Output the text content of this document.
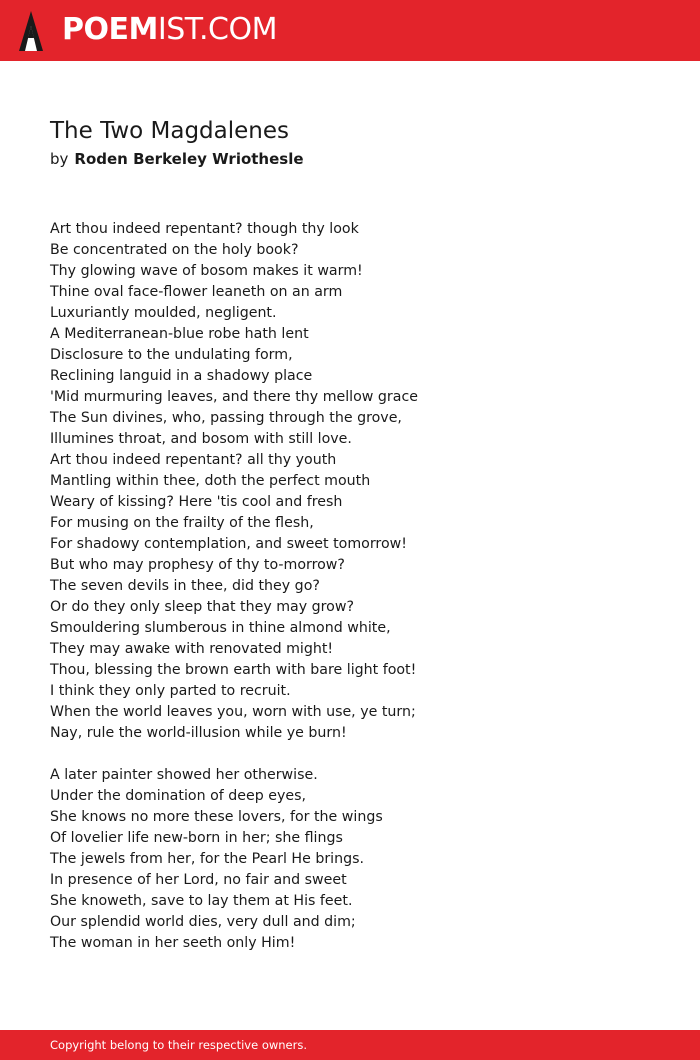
POEMIST.COM
The Two Magdalenes
by Roden Berkeley Wriothesle
Art thou indeed repentant? though thy look
Be concentrated on the holy book?
Thy glowing wave of bosom makes it warm!
Thine oval face-flower leaneth on an arm
Luxuriantly moulded, negligent.
A Mediterranean-blue robe hath lent
Disclosure to the undulating form,
Reclining languid in a shadowy place
'Mid murmuring leaves, and there thy mellow grace
The Sun divines, who, passing through the grove,
Illumines throat, and bosom with still love.
Art thou indeed repentant? all thy youth
Mantling within thee, doth the perfect mouth
Weary of kissing? Here 'tis cool and fresh
For musing on the frailty of the flesh,
For shadowy contemplation, and sweet tomorrow!
But who may prophesy of thy to-morrow?
The seven devils in thee, did they go?
Or do they only sleep that they may grow?
Smouldering slumberous in thine almond white,
They may awake with renovated might!
Thou, blessing the brown earth with bare light foot!
I think they only parted to recruit.
When the world leaves you, worn with use, ye turn;
Nay, rule the world-illusion while ye burn!
A later painter showed her otherwise.
Under the domination of deep eyes,
She knows no more these lovers, for the wings
Of lovelier life new-born in her; she flings
The jewels from her, for the Pearl He brings.
In presence of her Lord, no fair and sweet
She knoweth, save to lay them at His feet.
Our splendid world dies, very dull and dim;
The woman in her seeth only Him!
Copyright belong to their respective owners.
